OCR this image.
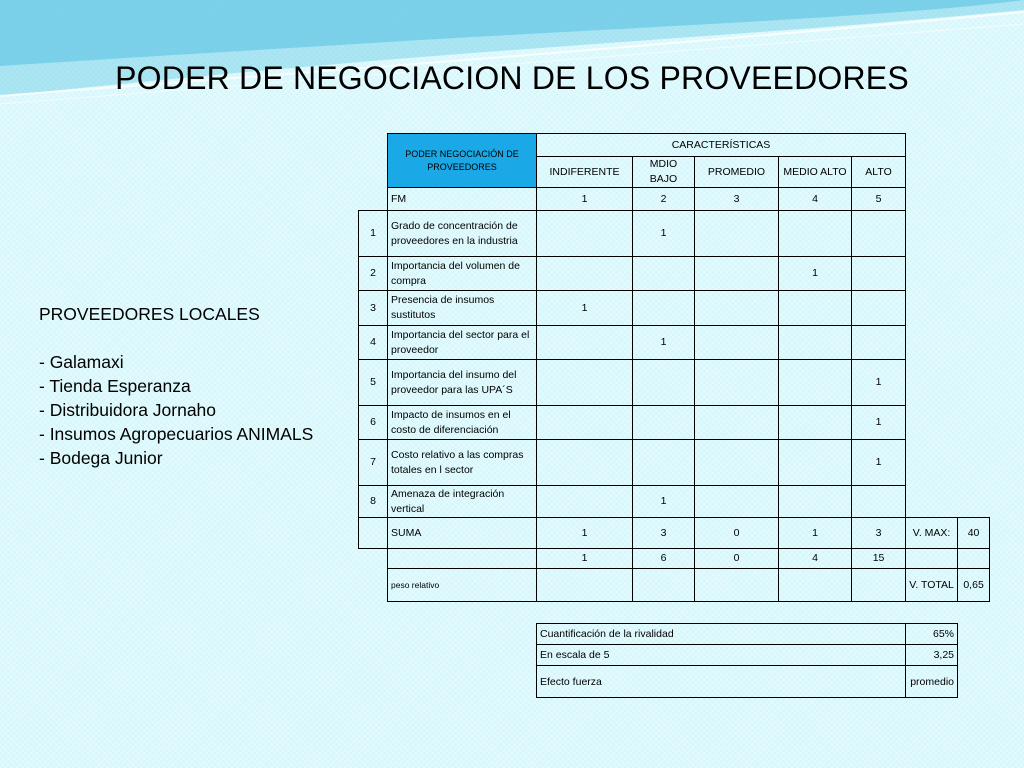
PODER DE NEGOCIACION DE LOS PROVEEDORES
PROVEEDORES LOCALES
- Galamaxi
- Tienda Esperanza
- Distribuidora Jornaho
- Insumos Agropecuarios ANIMALS
- Bodega Junior
	PODER NEGOCIACIÓN DE PROVEEDORES	CARACTERÍSTICAS						
		INDIFERENTE	MDIO BAJO	PROMEDIO	MEDIO ALTO	ALTO		
	FM	1	2	3	4	5		
1	Grado de concentración de proveedores en la industria		1					
2	Importancia del volumen de compra				1			
3	Presencia de insumos sustitutos	1						
4	Importancia del sector para el proveedor		1					
5	Importancia del insumo del proveedor para las UPA´S					1		
6	Impacto de insumos en el costo de diferenciación					1		
7	Costo relativo a las compras totales en l sector					1		
8	Amenaza de integración vertical		1					
	SUMA	1	3	0	1	3	V. MAX:	40
		1	6	0	4	15		
	peso relativo						V. TOTAL	0,65
Cuantificación de la rivalidad	65%
En escala de 5	3,25
Efecto fuerza	promedio
